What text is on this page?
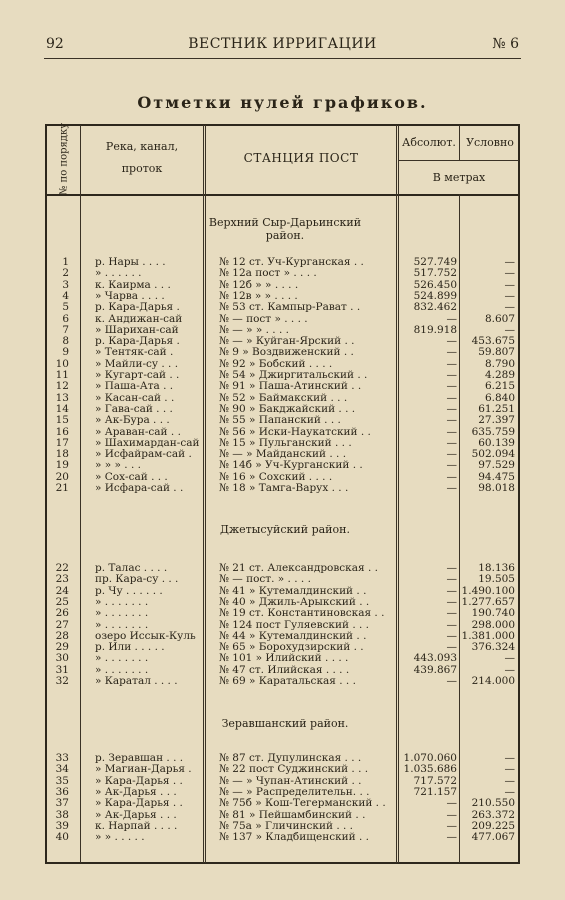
92	ВЕСТНИК ИРРИГАЦИИ	№ 6
Отметки нулей графиков.
№ по порядку	Река, канал,
проток
СТАНЦИЯ ПОСТ
Абсолют. Условно
В метрах
Верхний Сыр-Дарьинский район.
1 р. Нары . . . .	№ 12 ст. Уч-Курганская . .	527.749	—
2 » . . . . . .	№ 12а пост » . . . .	517.752	—
3 к. Каирма . . .	№ 12б » » . . . .	526.450	—
4 » Чарва . . . .	№ 12в » » . . . .	524.899	—
5 р. Кара-Дарья .	№ 53 ст. Кампыр-Рават . .	832.462	—
6 к. Андижан-сай	№ — пост » . . . .	—	8.607
7 » Шарихан-сай	№ — » » . . . .	819.918	—
8 р. Кара-Дарья .	№ — » Куйган-Ярский . .	—	453.675
9 » Тентяк-сай .	№ 9 » Воздвиженский . .	—	59.807
10 » Майли-су . . .	№ 92 » Бобский . . . .	—	8.790
11 » Кугарт-сай . .	№ 54 » Джиргитальский . .	—	4.289
12 » Паша-Ата . .	№ 91 » Паша-Атинский . .	—	6.215
13 » Касан-сай . .	№ 52 » Баймакский . . .	—	6.840
14 » Гава-сай . . .	№ 90 » Бакджайский . . .	—	61.251
15 » Ак-Бура . . .	№ 55 » Папанский . . .	—	27.397
16 » Араван-сай . .	№ 56 » Иски-Наукатский . .	—	635.759
17 » Шахимардан-сай	№ 15 » Пульганский . . .	—	60.139
18 » Исфайрам-сай .	№ — » Майданский . . .	—	502.094
19 » » » . . .	№ 14б » Уч-Курганский . .	—	97.529
20 » Сох-сай . . .	№ 16 » Сохский . . . .	—	94.475
21 » Исфара-сай . .	№ 18 » Тамга-Варух . . .	—	98.018
Джетысуйский район.
22 р. Талас . . . .	№ 21 ст. Александровская . .	—	18.136
23 пр. Кара-су . . .	№ — пост. » . . . .	—	19.505
24 р. Чу . . . . . .	№ 41 » Кутемалдинский . .	— 1.490.100
25 » . . . . . . .	№ 40 » Джиль-Арыкский . .	— 1.277.657
26 » . . . . . . .	№ 19 ст. Константиновская . .	—	190.740
27 » . . . . . . .	№ 124 пост Гуляевский . . .	—	298.000
28 озеро Иссык-Куль	№ 44 » Кутемалдинский . .	— 1.381.000
29 р. Или . . . . .	№ 65 » Борохудзирский . .	—	376.324
30 » . . . . . . .	№ 101 » Илийский . . . .	443.093	—
31 » . . . . . . .	№ 47 ст. Илийская . . . .	439.867	—
32 » Каратал . . . .	№ 69 » Каратальская . . .	—	214.000
Зеравшанский район.
33 р. Зеравшан . . .	№ 87 ст. Дупулинская . . .	1.070.060	—
34 » Магиан-Дарья .	№ 22 пост Суджинский . . .	1.035.686	—
35 » Кара-Дарья . .	№ — » Чупан-Атинский . .	717.572	—
36 » Ак-Дарья . . .	№ — » Распределительн. . .	721.157	—
37 » Кара-Дарья . .	№ 75б » Кош-Тегерманский . .	—	210.550
38 » Ак-Дарья . . .	№ 81 » Пейшамбинский . .	—	263.372
39 к. Нарпай . . . .	№ 75а » Гличинский . . .	—	209.225
40 » » . . . . .	№ 137 » Кладбищенский . .	—	477.067
